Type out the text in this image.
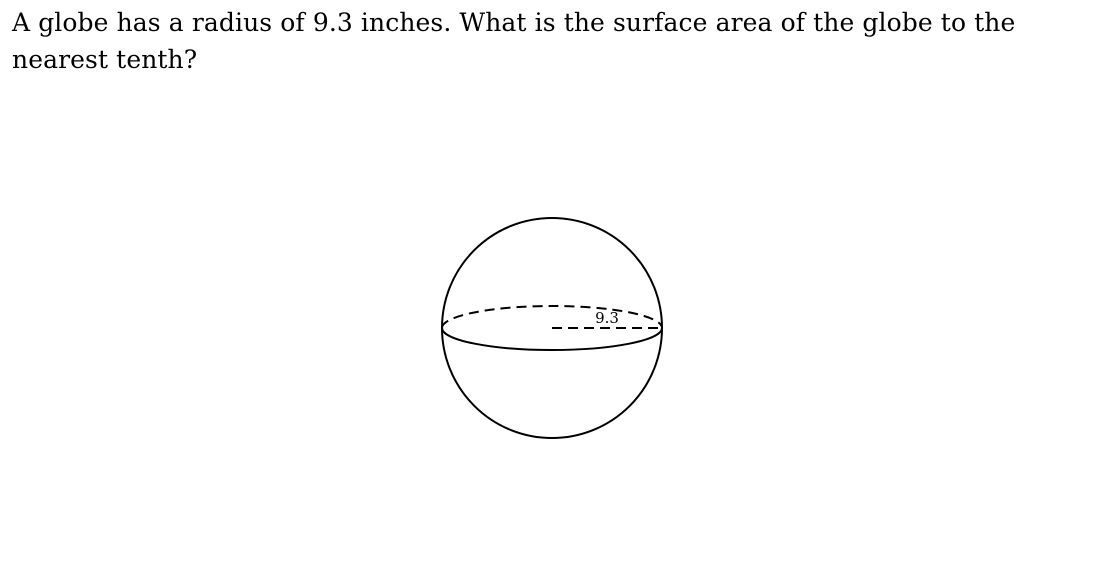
A globe has a radius of 9.3 inches. What is the surface area of the globe to the nearest tenth?

9.3
